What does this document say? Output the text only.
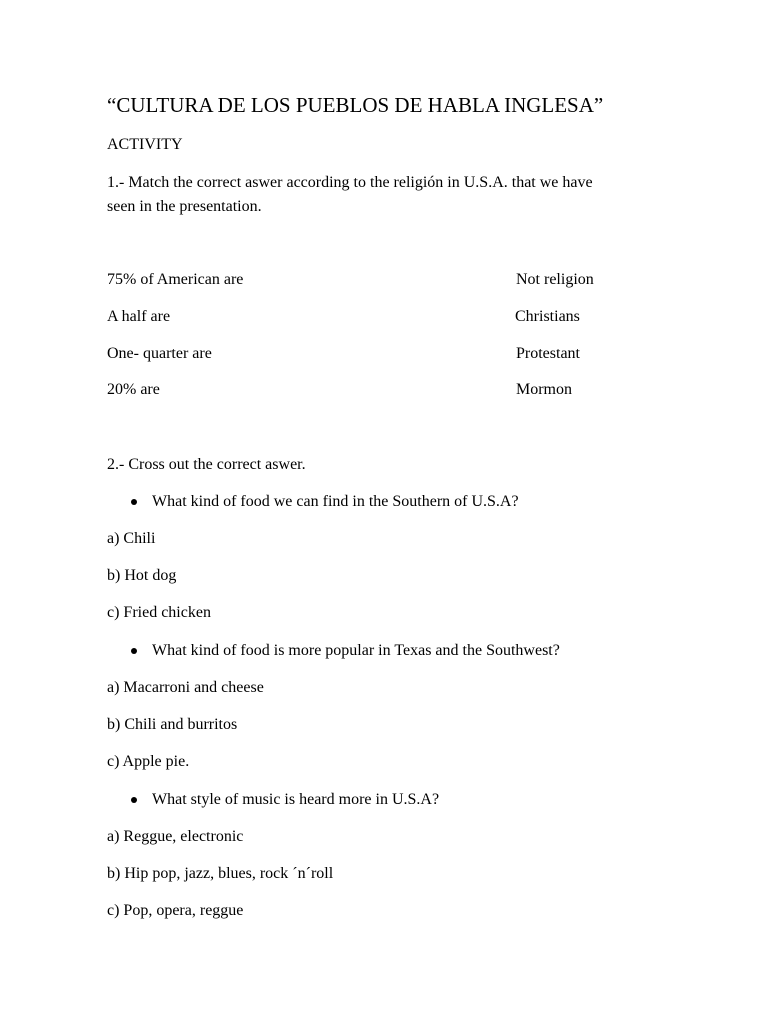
“CULTURA DE LOS PUEBLOS DE HABLA INGLESA”
ACTIVITY
1.- Match the correct aswer according to the religión in U.S.A. that we have
seen in the presentation.
75% of American are	Not religion
A half are	Christians
One- quarter are	Protestant
20% are	Mormon
2.- Cross out the correct aswer.
What kind of food we can find in the Southern of U.S.A?
a) Chili
b) Hot dog
c) Fried chicken
What kind of food is more popular in Texas and the Southwest?
a) Macarroni and cheese
b) Chili and burritos
c) Apple pie.
What style of music is heard more in U.S.A?
a) Reggue, electronic
b) Hip pop, jazz, blues, rock ´n´roll
c) Pop, opera, reggue
